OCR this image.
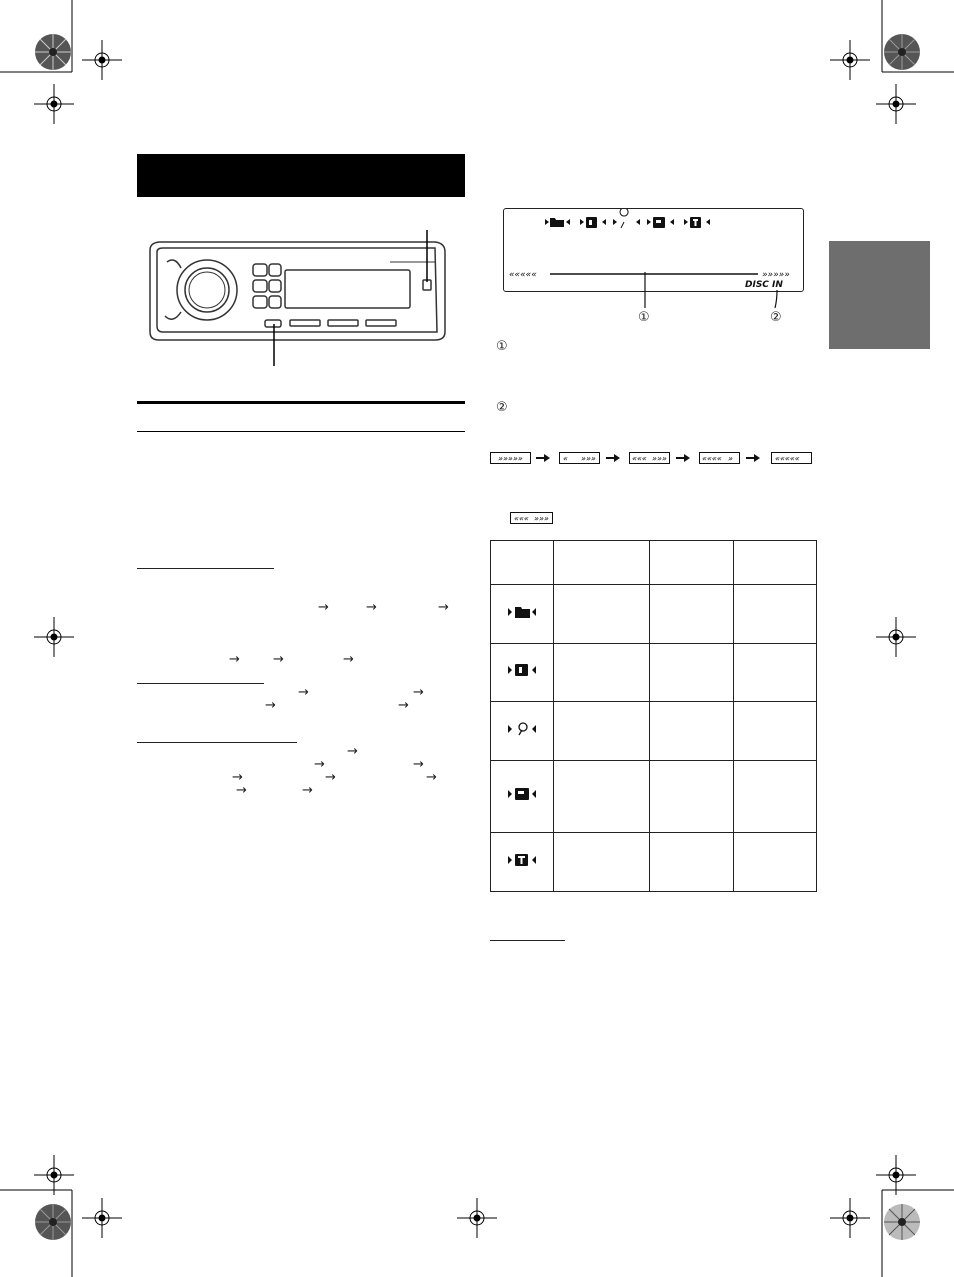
→	→	→
→	→	→
→	→
→	→
→
→	→
→	→	→
→	→
«««««	»»»»»
DISC IN
①	②
①
②
»»»»»	« »»»	««« »»»	«««« »	«««««
««« »»»
